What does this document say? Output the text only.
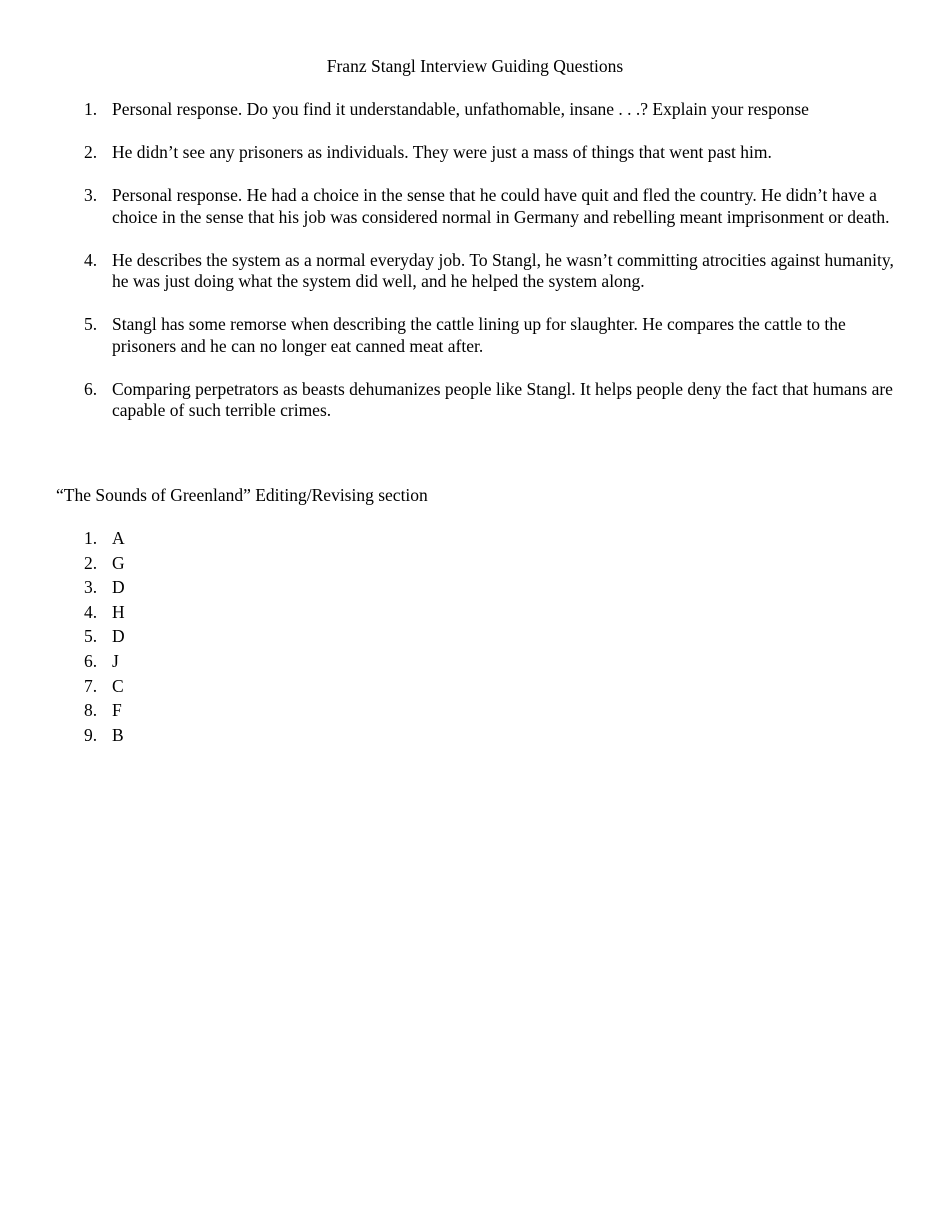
Franz Stangl Interview Guiding Questions
1. Personal response. Do you find it understandable, unfathomable, insane . . .? Explain your response
2. He didn’t see any prisoners as individuals. They were just a mass of things that went past him.
3. Personal response. He had a choice in the sense that he could have quit and fled the country. He didn’t have a choice in the sense that his job was considered normal in Germany and rebelling meant imprisonment or death.
4. He describes the system as a normal everyday job. To Stangl, he wasn’t committing atrocities against humanity, he was just doing what the system did well, and he helped the system along.
5. Stangl has some remorse when describing the cattle lining up for slaughter. He compares the cattle to the prisoners and he can no longer eat canned meat after.
6. Comparing perpetrators as beasts dehumanizes people like Stangl. It helps people deny the fact that humans are capable of such terrible crimes.
“The Sounds of Greenland” Editing/Revising section
1. A
2. G
3. D
4. H
5. D
6. J
7. C
8. F
9. B
